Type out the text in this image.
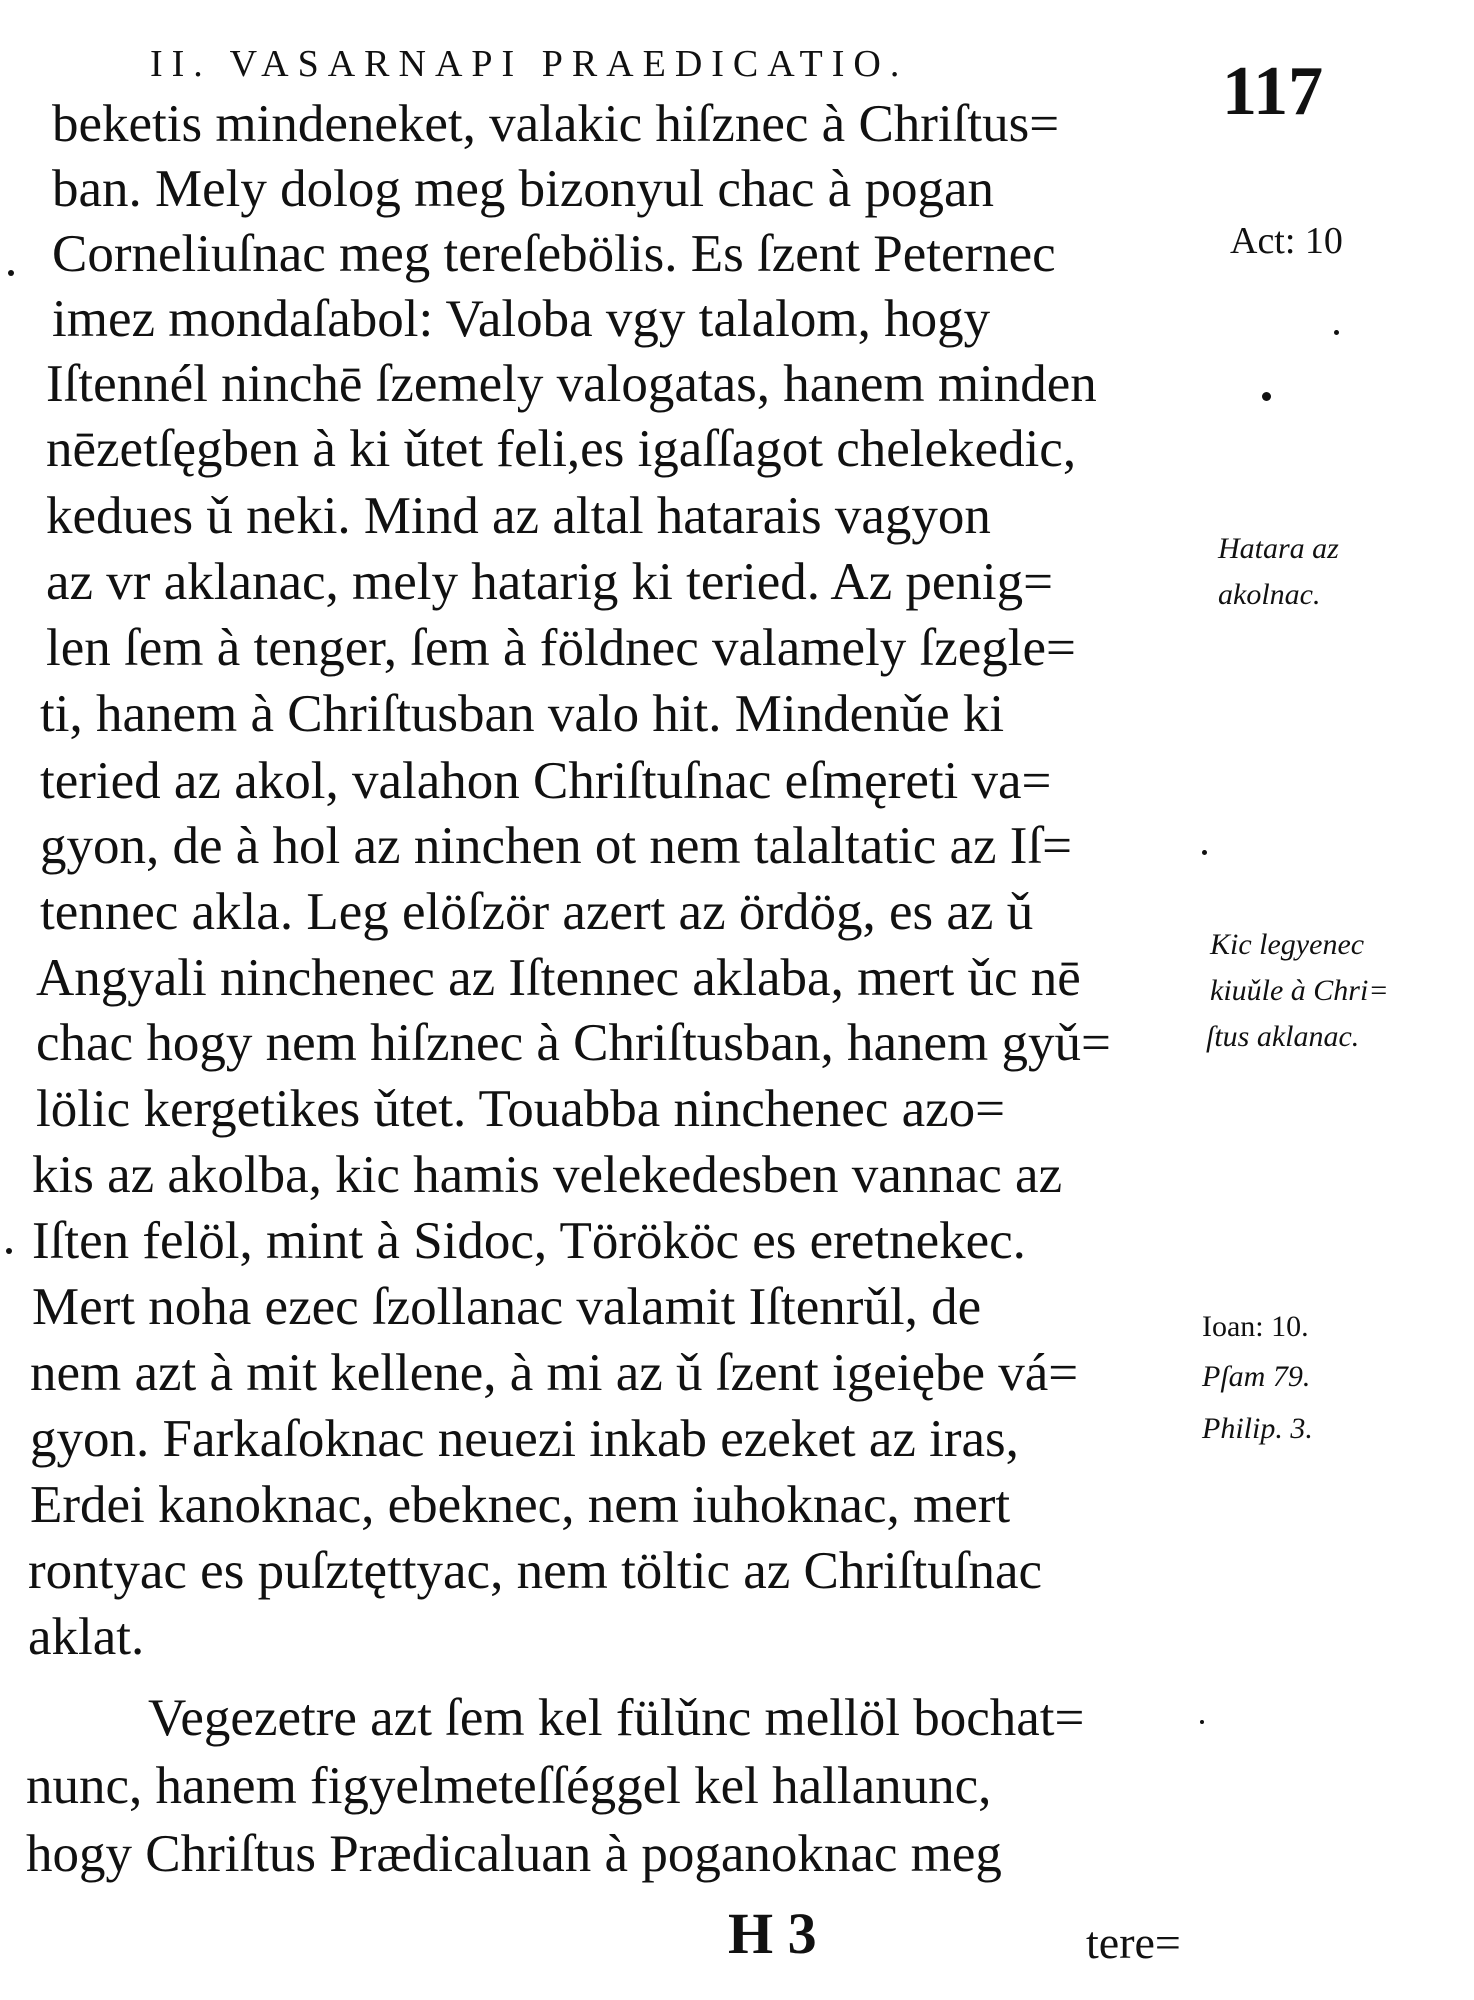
II. VASARNAPI PRAEDICATIO.	117
beketis mindeneket, valakic hiſznec à Chriſtus=
ban. Mely dolog meg bizonyul chac à pogan
Corneliuſnac meg tereſebölis. Es ſzent Peternec
imez mondaſabol: Valoba vgy talalom, hogy
Iſtennél ninchē ſzemely valogatas, hanem minden
nēzetſęgben à ki ǔtet feli,es igaſſagot chelekedic,
kedues ǔ neki. Mind az altal hatarais vagyon
az vr aklanac, mely hatarig ki teried. Az penig=
len ſem à tenger, ſem à földnec valamely ſzegle=
ti, hanem à Chriſtusban valo hit. Mindenǔe ki
teried az akol, valahon Chriſtuſnac eſmęreti va=
gyon, de à hol az ninchen ot nem talaltatic az Iſ=
tennec akla. Leg elöſzör azert az ördög, es az ǔ
Angyali ninchenec az Iſtennec aklaba, mert ǔc nē
chac hogy nem hiſznec à Chriſtusban, hanem gyǔ=
lölic kergetikes ǔtet. Touabba ninchenec azo=
kis az akolba, kic hamis velekedesben vannac az
Iſten felöl, mint à Sidoc, Törököc es eretnekec.
Mert noha ezec ſzollanac valamit Iſtenrǔl, de
nem azt à mit kellene, à mi az ǔ ſzent igeiębe vá=
gyon. Farkaſoknac neuezi inkab ezeket az iras,
Erdei kanoknac, ebeknec, nem iuhoknac, mert
rontyac es puſztęttyac, nem töltic az Chriſtuſnac
aklat.
Vegezetre azt ſem kel fülǔnc mellöl bochat=
nunc, hanem figyelmeteſſéggel kel hallanunc,
hogy Chriſtus Prædicaluan à poganoknac meg
Act: 10
Hatara az
akolnac.
Kic legyenec
kiuǔle à Chri=
ſtus aklanac.
Ioan: 10.
Pſam 79.
Philip. 3.
H 3	tere=
